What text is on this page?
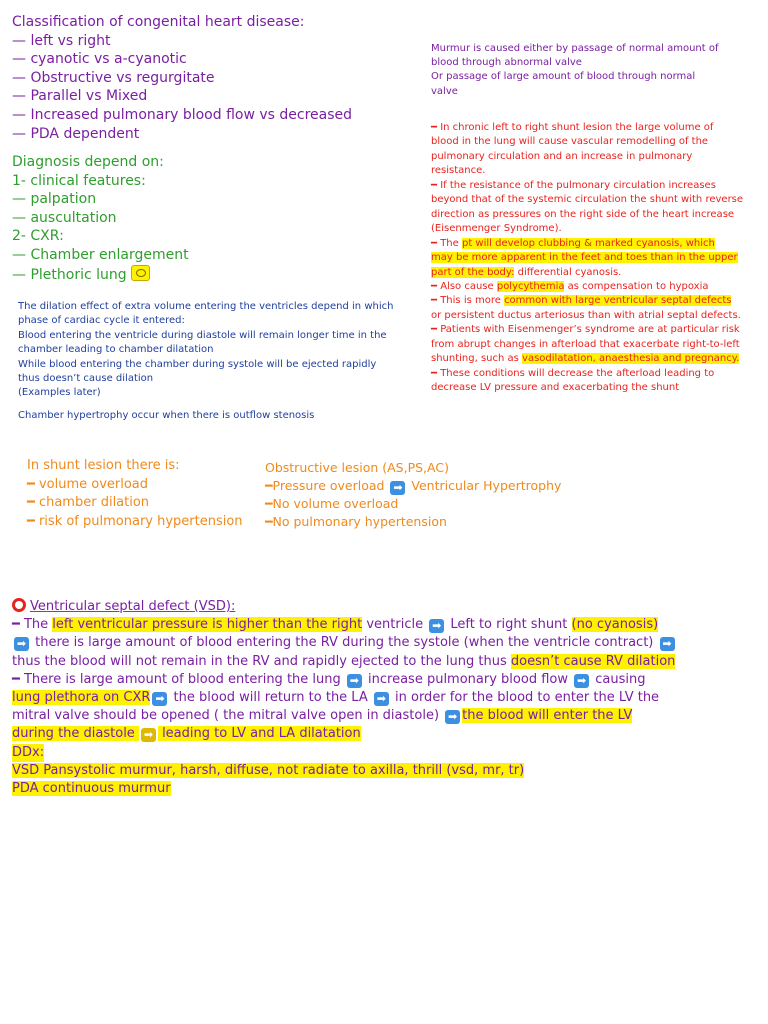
Classification of congenital heart disease:
— left vs right
— cyanotic vs a-cyanotic
— Obstructive vs regurgitate
— Parallel vs Mixed
— Increased pulmonary blood flow vs decreased
— PDA dependent
Murmur is caused either by passage of normal amount of
blood through abnormal valve
Or passage of large amount of blood through normal
valve
Diagnosis depend on:
1- clinical features:
— palpation
— auscultation
2- CXR:
— Chamber enlargement
— Plethoric lung
━ In chronic left to right shunt lesion the large volume of
blood in the lung will cause vascular remodelling of the
pulmonary circulation and an increase in pulmonary
resistance.
━ If the resistance of the pulmonary circulation increases
beyond that of the systemic circulation the shunt with reverse
direction as pressures on the right side of the heart increase
(Eisenmenger Syndrome).
━ The pt will develop clubbing & marked cyanosis, which
may be more apparent in the feet and toes than in the upper
part of the body: differential cyanosis.
━ Also cause polycythemia as compensation to hypoxia
━ This is more common with large ventricular septal defects
or persistent ductus arteriosus than with atrial septal defects.
━ Patients with Eisenmenger’s syndrome are at particular risk
from abrupt changes in afterload that exacerbate right-to-left
shunting, such as vasodilatation, anaesthesia and pregnancy.
━ These conditions will decrease the afterload leading to
decrease LV pressure and exacerbating the shunt
The dilation effect of extra volume entering the ventricles depend in which
phase of cardiac cycle it entered:
Blood entering the ventricle during diastole will remain longer time in the
chamber leading to chamber dilatation
While blood entering the chamber during systole will be ejected rapidly
thus doesn’t cause dilation
(Examples later)
Chamber hypertrophy occur when there is outflow stenosis
In shunt lesion there is:
━ volume overload
━ chamber dilation
━ risk of pulmonary hypertension
Obstructive lesion (AS,PS,AC)
━Pressure overload ➡ Ventricular Hypertrophy
━No volume overload
━No pulmonary hypertension
Ventricular septal defect (VSD):
━ The left ventricular pressure is higher than the right ventricle ➡ Left to right shunt (no cyanosis)
➡ there is large amount of blood entering the RV during the systole (when the ventricle contract) ➡
thus the blood will not remain in the RV and rapidly ejected to the lung thus doesn’t cause RV dilation
━ There is large amount of blood entering the lung ➡ increase pulmonary blood flow ➡ causing
lung plethora on CXR ➡ the blood will return to the LA ➡ in order for the blood to enter the LV the
mitral valve should be opened ( the mitral valve open in diastole) ➡ the blood will enter the LV
during the diastole ➡ leading to LV and LA dilatation
DDx:
VSD Pansystolic murmur, harsh, diffuse, not radiate to axilla, thrill (vsd, mr, tr)
PDA continuous murmur
